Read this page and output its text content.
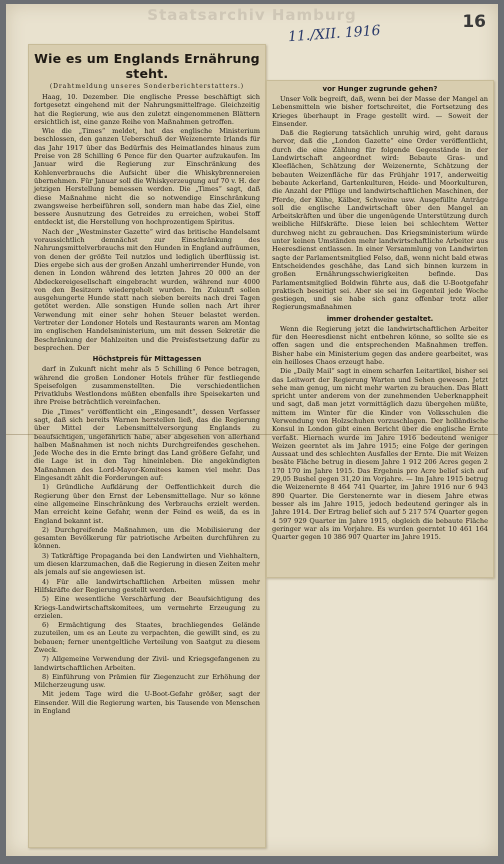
Staatsarchiv Hamburg	16
11./XII. 1916
Wie es um Englands Ernährung steht.
(Drahtmeldung unseres Sonderberichterstatters.)

Haag, 10. Dezember. Die englische Presse beschäftigt sich fortgesetzt eingehend mit der Nahrungsmittelfrage. Gleichzeitig hat die Regierung, wie aus den zuletzt eingenommenen Blättern ersichtlich ist, eine ganze Reihe von Maßnahmen getroffen.

Wie die „Times“ meldet, hat das englische Ministerium beschlossen, den ganzen Ueberschuß der Weizenernte Irlands für das Jahr 1917 über das Bedürfnis des Heimatlandes hinaus zum Preise von 28 Schilling 6 Pence für den Quarter aufzukaufen. Im Januar wird die Regierung zur Einschränkung des Kohlenverbrauchs die Aufsicht über die Whiskybrennereien übernehmen. Für Januar soll die Whiskyerzeugung auf 70 v. H. der jetzigen Herstellung bemessen werden. Die „Times“ sagt, daß diese Maßnahme nicht die so notwendige Einschränkung zwangsweise herbeiführen soll, sondern man habe das Ziel, eine bessere Ausnutzung des Getreides zu erreichen, wobei Stoff entdeckt ist, die Herstellung von hochprozentigem Spiritus.

Nach der „Westminster Gazette“ wird das britische Handelsamt voraussichtlich demnächst zur Einschränkung des Nahrungsmittelverbrauchs mit den Hunden in England aufräumen, von denen der größte Teil nutzlos und lediglich überflüssig ist. Dies ergebe sich aus der großen Anzahl umherirrender Hunde, von denen in London während des letzten Jahres 20 000 an der Abdeckereigesellschaft eingebracht wurden, während nur 4000 von den Besitzern wiedergeholt wurden. Im Zukunft sollen ausgehungerte Hunde statt nach sieben bereits nach drei Tagen getötet werden. Alle sonstigen Hunde sollen nach Art ihrer Verwendung mit einer sehr hohen Steuer belastet werden. Vertreter der Londoner Hotels und Restaurants waren am Montag im englischen Handelsministerium, um mit dessen Sekretär die Beschränkung der Mahlzeiten und die Preisfestsetzung dafür zu besprechen. Der

Höchstpreis für Mittagessen

darf in Zukunft nicht mehr als 5 Schilling 6 Pence betragen, während die großen Londoner Hotels früher für festliegende Speisefolgen zusammenstellten. Die verschiedentlichen Privatklubs Westlondons müßten ebenfalls ihre Speisekarten und ihre Preise beträchtlich vereinfachen.

Die „Times“ veröffentlicht ein „Eingesandt“, dessen Verfasser sagt, daß sich bereits Warnen herstellen ließ, das die Regierung über Mittel der Lebensmittelversorgung Englands zu beaufsichtigen, ungefährlich habe, aber abgesehen von allerhand halben Maßnahmen ist noch nichts Durchgreifendes geschehen. Jede Woche des in die Ernte bringt das Land größere Gefahr, und die Lage ist in den Tag hineinleben. Die angekündigten Maßnahmen des Lord-Mayor-Komitees kamen viel mehr. Das Eingesandt zählt die Forderungen auf:

1) Gründliche Aufklärung der Oeffentlichkeit durch die Regierung über den Ernst der Lebensmittellage. Nur so könne eine allgemeine Einschränkung des Verbrauchs erzielt werden. Man erreicht keine Gefahr, wenn der Feind es weiß, da es in England bekannt ist.

2) Durchgreifende Maßnahmen, um die Mobilisierung der gesamten Bevölkerung für patriotische Arbeiten durchführen zu können.

3) Tatkräftige Propaganda bei den Landwirten und Viehhaltern, um diesen klarzumachen, daß die Regierung in diesen Zeiten mehr als jemals auf sie angewiesen ist.

4) Für alle landwirtschaftlichen Arbeiten müssen mehr Hilfskräfte der Regierung gestellt werden.

5) Eine wesentliche Verschärfung der Beaufsichtigung des Kriegs-Landwirtschaftskomitees, um vermehrte Erzeugung zu erzielen.

6) Ermächtigung des Staates, brachliegendes Gelände zuzuteilen, um es an Leute zu verpachten, die gewillt sind, es zu bebauen; ferner unentgeltliche Verteilung von Saatgut zu diesem Zweck.

7) Allgemeine Verwendung der Zivil- und Kriegsgefangenen zu landwirtschaftlichen Arbeiten.

8) Einführung von Prämien für Ziegenzucht zur Erhöhung der Milcherzeugung usw.

Mit jedem Tage wird die U-Boot-Gefahr größer, sagt der Einsender. Will die Regierung warten, bis Tausende von Menschen in England

vor Hunger zugrunde gehen?

Unser Volk begreift, daß, wenn bei der Masse der Mangel an Lebensmitteln wie bisher fortschreitet, die Fortsetzung des Krieges überhaupt in Frage gestellt wird. — Soweit der Einsender.

Daß die Regierung tatsächlich unruhig wird, geht daraus hervor, daß die „London Gazette“ eine Order veröffentlicht, durch die eine Zählung für folgende Gegenstände in der Landwirtschaft angeordnet wird: Bebaute Gras- und Kleeflächen, Schätzung der Weizenernte, Schätzung der bebauten Weizenfläche für das Frühjahr 1917, anderweitig bebaute Ackerland, Gartenkulturen, Heide- und Moorkulturen, die Anzahl der Pflüge und landwirtschaftlichen Maschinen, der Pferde, der Kühe, Kälber, Schweine usw. Ausgefüllte Anträge soll die englische Landwirtschaft über den Mangel an Arbeitskräften und über die ungenügende Unterstützung durch weibliche Hilfskräfte. Diese leien bei schlechtem Wetter durchweg nicht zu gebrauchen. Das Kriegsministerium würde unter keinen Umständen mehr landwirtschaftliche Arbeiter aus Heeresdienst entlassen. In einer Versammlung von Landwirten sagte der Parlamentsmitglied Felso, daß, wenn nicht bald etwas Entscheidendes geschähe, das Land sich binnen kurzem in großen Ernährungsschwierigkeiten befinde. Das Parlamentsmitglied Boldwin führte aus, daß die U-Bootgefahr praktisch beseitigt sei. Aber sie sei im Gegenteil jede Woche gestiegen, und sie habe sich ganz offenbar trotz aller Regierungsmaßnahmen

immer drohender gestaltet.

Wenn die Regierung jetzt die landwirtschaftlichen Arbeiter für den Heeresdienst nicht entbehren könne, so sollte sie es offen sagen und die entsprechenden Maßnahmen treffen. Bisher habe ein Ministerium gegen das andere gearbeitet, was ein heilloses Chaos erzeugt habe.

Die „Daily Mail“ sagt in einem scharfen Leitartikel, bisher sei das Leitwort der Regierung Warten und Sehen gewesen. Jetzt sehe man genug, um nicht mehr warten zu brauchen. Das Blatt spricht unter anderem von der zunehmenden Ueberknappheit und sagt, daß man jetzt vormittäglich dazu übergehen müßte, mittem im Winter für die Kinder von Volksschulen die Verwendung von Holzschuhen vorzuschlagen. Der holländische Konsul in London gibt einen Bericht über die englische Ernte verfaßt. Hiernach wurde im Jahre 1916 bedeutend weniger Weizen geerntet als im Jahre 1915; eine Folge der geringen Aussaat und des schlechten Ausfalles der Ernte. Die mit Weizen besäte Fläche betrug in diesem Jahre 1 912 206 Acres gegen 2 170 170 im Jahre 1915. Das Ergebnis pro Acre belief sich auf 29,05 Bushel gegen 31,20 im Vorjahre. — Im Jahre 1915 betrug die Weizenernte 8 464 741 Quarter, im Jahre 1916 nur 6 943 890 Quarter. Die Gerstenernte war in diesem Jahre etwas besser als im Jahre 1915, jedoch bedeutend geringer als in Jahre 1914. Der Ertrag belief sich auf 5 217 574 Quarter gegen 4 597 929 Quarter im Jahre 1915, obgleich die bebaute Fläche geringer war als im Vorjahre. Es wurden geerntet 10 461 164 Quarter gegen 10 386 907 Quarter im Jahre 1915.
